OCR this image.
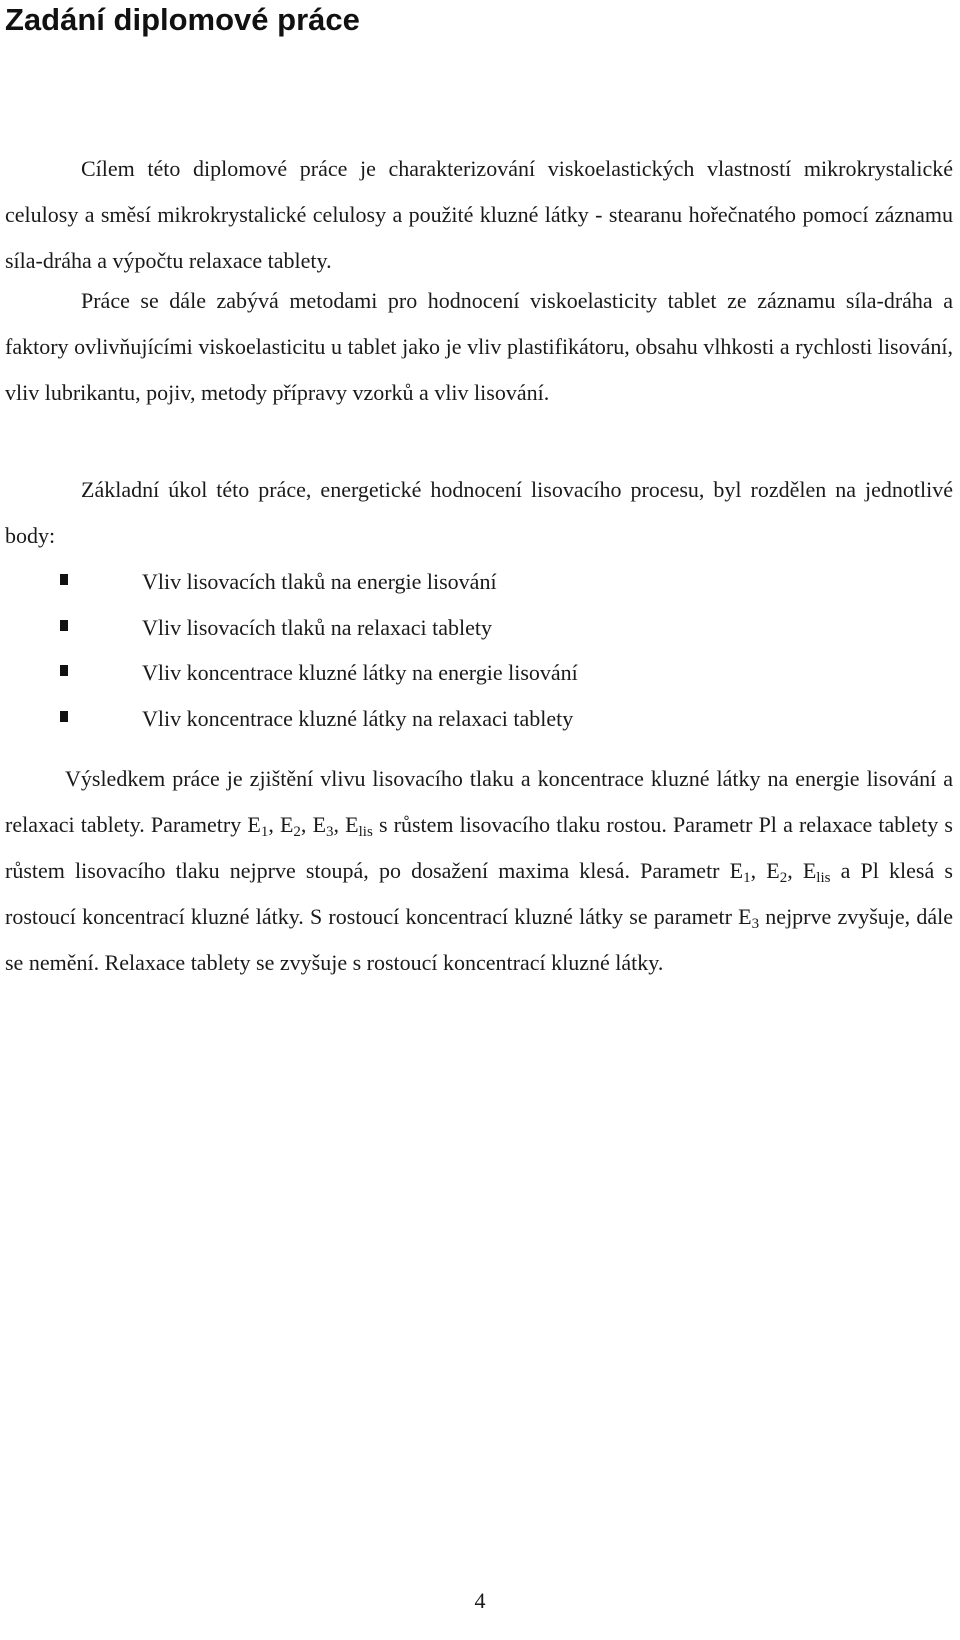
Zadání diplomové práce

Cílem této diplomové práce je charakterizování viskoelastických vlastností mikrokrystalické celulosy a směsí mikrokrystalické celulosy a použité kluzné látky - stearanu hořečnatého pomocí záznamu síla-dráha a výpočtu relaxace tablety.

Práce se dále zabývá metodami pro hodnocení viskoelasticity tablet ze záznamu síla-dráha a faktory ovlivňujícími viskoelasticitu u tablet jako je vliv plastifikátoru, obsahu vlhkosti a rychlosti lisování, vliv lubrikantu, pojiv, metody přípravy vzorků a vliv lisování.

Základní úkol této práce, energetické hodnocení lisovacího procesu, byl rozdělen na jednotlivé body:

Vliv lisovacích tlaků na energie lisování
Vliv lisovacích tlaků na relaxaci tablety
Vliv koncentrace kluzné látky na energie lisování
Vliv koncentrace kluzné látky na relaxaci tablety

Výsledkem práce je zjištění vlivu lisovacího tlaku a koncentrace kluzné látky na energie lisování a relaxaci tablety. Parametry $E_1$, $E_2$, $E_3$, $E_{lis}$ s růstem lisovacího tlaku rostou. Parametr Pl a relaxace tablety s růstem lisovacího tlaku nejprve stoupá, po dosažení maxima klesá. Parametr $E_1$, $E_2$, $E_{lis}$ a Pl klesá s rostoucí koncentrací kluzné látky. S rostoucí koncentrací kluzné látky se parametr $E_3$ nejprve zvyšuje, dále se nemění. Relaxace tablety se zvyšuje s rostoucí koncentrací kluzné látky.

4
